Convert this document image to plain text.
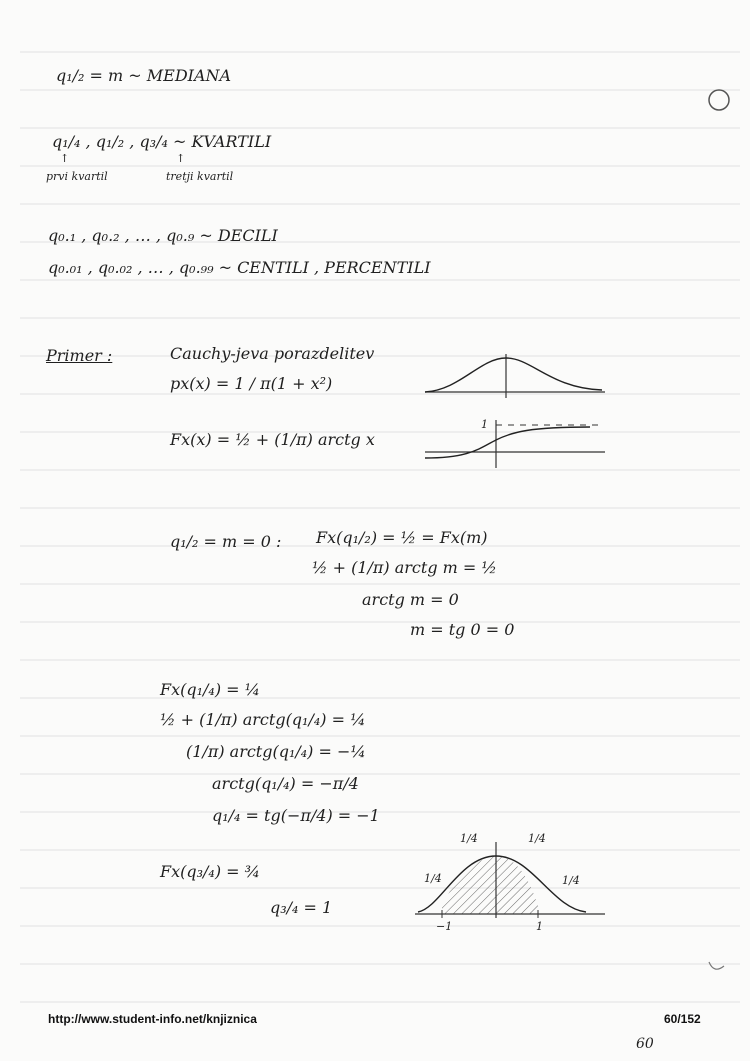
q₁/₂ = m ~ MEDIANA
q₁/₄ , q₁/₂ , q₃/₄ ~ KVARTILI
↑	↑
prvi kvartil	tretji kvartil
q₀.₁ , q₀.₂ , … , q₀.₉ ~ DECILI
q₀.₀₁ , q₀.₀₂ , … , q₀.₉₉ ~ CENTILI , PERCENTILI
Primer :	Cauchy-jeva porazdelitev
px(x) = 1 / π(1 + x²)
Fx(x) = ½ + (1/π) arctg x
1
q₁/₂ = m = 0 : Fx(q₁/₂) = ½ = Fx(m)
½ + (1/π) arctg m = ½
arctg m = 0
m = tg 0 = 0
Fx(q₁/₄) = ¼
½ + (1/π) arctg(q₁/₄) = ¼
(1/π) arctg(q₁/₄) = −¼
arctg(q₁/₄) = −π/4
q₁/₄ = tg(−π/4) = −1
Fx(q₃/₄) = ¾
q₃/₄ = 1
1/4
1/4	1/4
1/4
−1	1
http://www.student-info.net/knjiznica	60/152
60
